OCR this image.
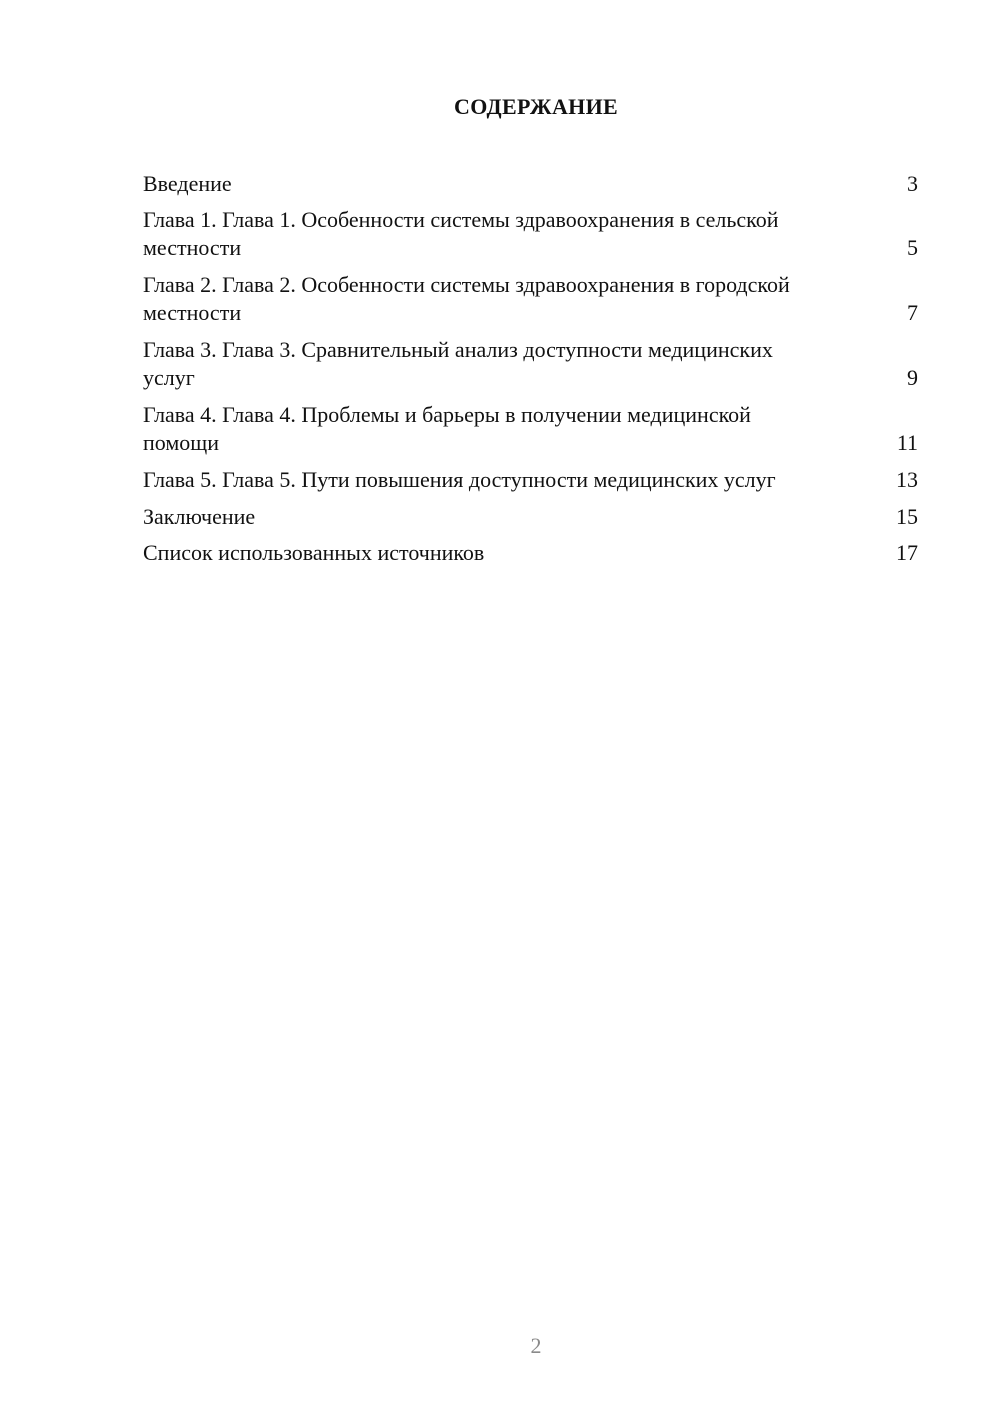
СОДЕРЖАНИЕ
Введение	3
Глава 1. Глава 1. Особенности системы здравоохранения в сельской местности	5
Глава 2. Глава 2. Особенности системы здравоохранения в городской местности	7
Глава 3. Глава 3. Сравнительный анализ доступности медицинских услуг	9
Глава 4. Глава 4. Проблемы и барьеры в получении медицинской помощи	11
Глава 5. Глава 5. Пути повышения доступности медицинских услуг	13
Заключение	15
Список использованных источников	17
2
